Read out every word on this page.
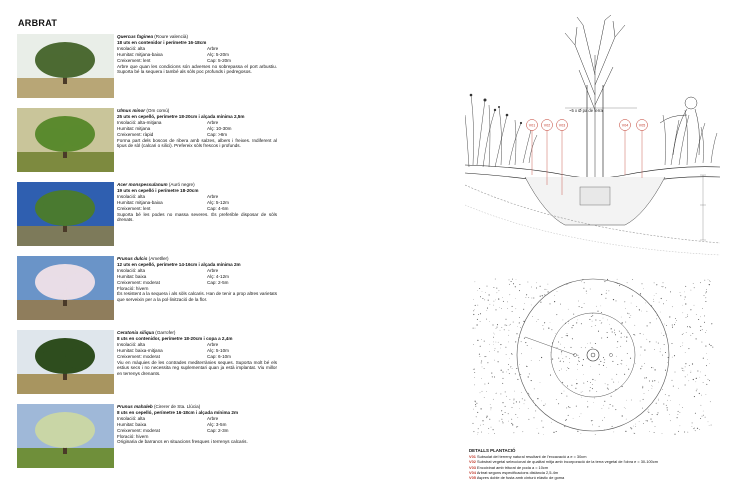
ARBRAT
Quercus faginea (Roure valencià)
18 uts en contenidor i perímetre 16-18cm
Insolació: alta	Arbre
Humitat: mitjana-baixa	Alç: 5-20m
Creixement: lent	Cap: 5-20m
Arbre que quan les condicions són adverses no sobrepassa el port arbustiu. Suporta bé la sequera i també als sòls poc profunds i pedregosos.
Ulmus minor (Om comú)
25 uts en cepelló, perímetre 18-20cm i alçada mínima 2,5m
Insolació: alta-mitjana	Arbre
Humitat: mitjana	Alç: 10-30m
Creixement: ràpid	Cap: >8m
Forma part dels boscos de ribera amb salzes, albers i freixes. Indiferent al tipus de sòl (calcari o silici). Prefereix sòls frescos i profunds.
Acer monspessulanum (Auró negre)
19 uts en cepelló i perímetre 18-20cm
Insolació: alta	Arbre
Humitat: mitjana-baixa	Alç: 5-12m
Creixement: lent	Cap: 4-6m
Suporta bé les podes no massa severes. És preferible disposar de sòls drenats.
Prunus dulcis (Ametller)
12 uts en cepelló, perímetre 14-16cm i alçada mínima 2m
Insolació: alta	Arbre
Humitat: baixa	Alç: 4-12m
Creixement: moderat	Cap: 2-5m
Floració: hivern
És resistent a la sequera i als sòls calcaris. Han de tenir a prop altres varietats que serveixin per a la pol·linització de la flor.
Ceratonia siliqua (Garrofer)
8 uts en contenidor, perímetre 18-20cm i copa a 2,4m
Insolació: alta	Arbre
Humitat: baixa-mitjana	Alç: 5-10m
Creixement: moderat	Cap: 6-10m
Viu en màquies de les contrades mediterrànies seques. Suporta molt bé els estius secs i no necessita reg suplementari quan ja està implantat. Viu millor en terrenys drenants.
Prunus mahaleb (Cirerer de Sta. Llúcia)
8 uts en cepelló, perímetre 16-18cm i alçada mínima 2m
Insolació: alta	Arbre
Humitat: baixa	Alç: 3-5m
Creixement: moderat	Cap: 2-3m
Floració: hivern
Originaria de barrancs en situacions fresques i terrenys calcaris.
~5 x Ø pa de terra
V01 V02 V03	V04	V05
DETALLS PLANTACIÓ
V01 Subsolat del terreny natural resultant de l'excavació a e = 30cm
V02 Substrat vegetal seleccionat de qualitat mitja amb incorporació de la terra vegetal de l'obra e = 30-100cm
V03 Encoixinat amb triturat de poda a = 10cm
V04 Arbrat segons especificacions distància 2,5-4m
V05 Aspres doble de fusta amb cinturó elàstic de goma
